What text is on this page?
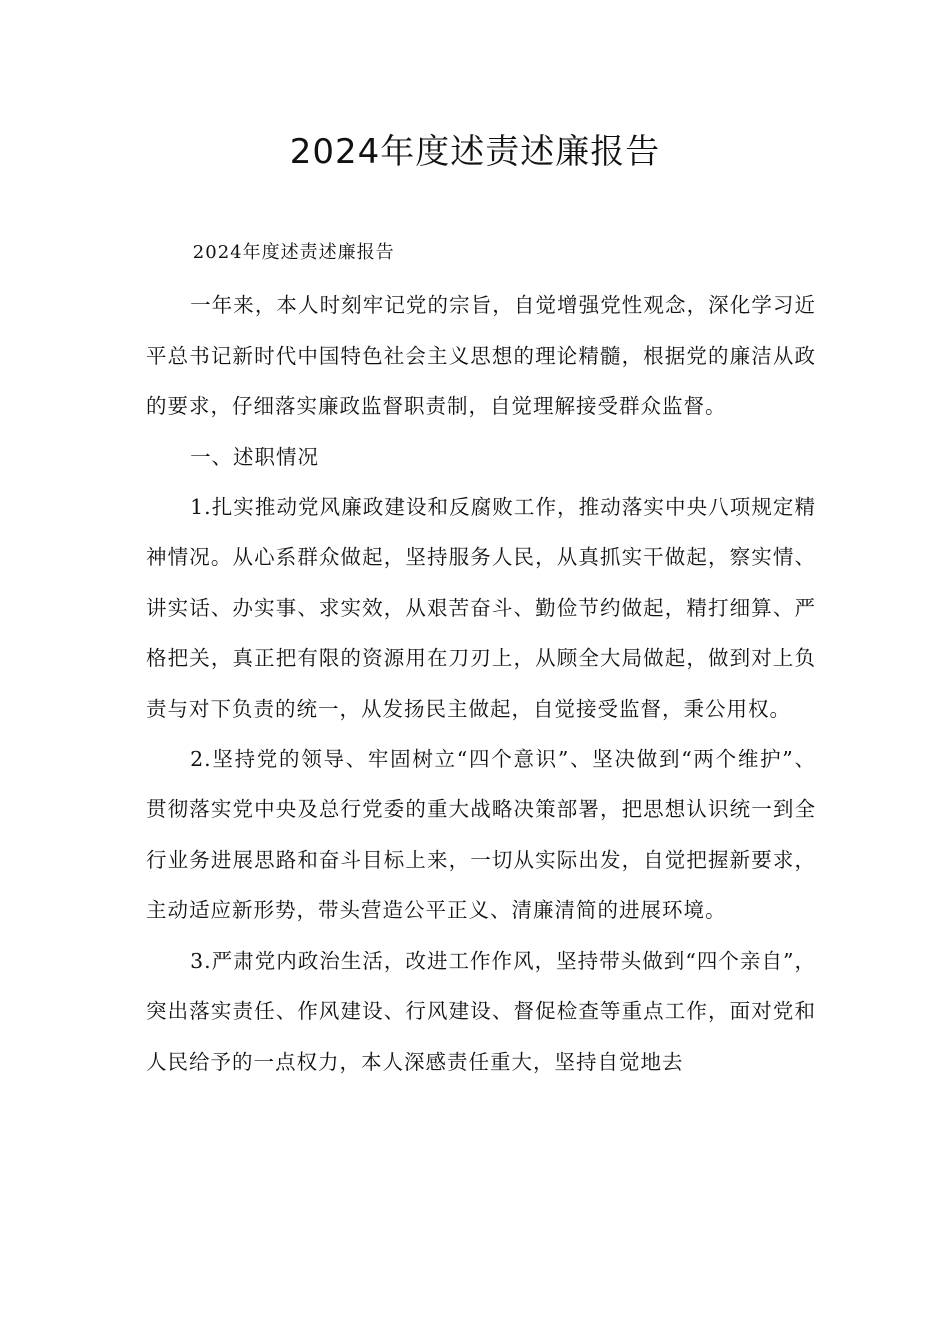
2024年度述责述廉报告

2024年度述责述廉报告

一年来，本人时刻牢记党的宗旨，自觉增强党性观念，深化学习近平总书记新时代中国特色社会主义思想的理论精髓，根据党的廉洁从政的要求，仔细落实廉政监督职责制，自觉理解接受群众监督。

一、述职情况

1.扎实推动党风廉政建设和反腐败工作，推动落实中央八项规定精神情况。从心系群众做起，坚持服务人民，从真抓实干做起，察实情、讲实话、办实事、求实效，从艰苦奋斗、勤俭节约做起，精打细算、严格把关，真正把有限的资源用在刀刃上，从顾全大局做起，做到对上负责与对下负责的统一，从发扬民主做起，自觉接受监督，秉公用权。

2.坚持党的领导、牢固树立“四个意识”、坚决做到“两个维护”、贯彻落实党中央及总行党委的重大战略决策部署，把思想认识统一到全行业务进展思路和奋斗目标上来，一切从实际出发，自觉把握新要求，主动适应新形势，带头营造公平正义、清廉清简的进展环境。

3.严肃党内政治生活，改进工作作风，坚持带头做到“四个亲自”，突出落实责任、作风建设、行风建设、督促检查等重点工作，面对党和人民给予的一点权力，本人深感责任重大，坚持自觉地去
